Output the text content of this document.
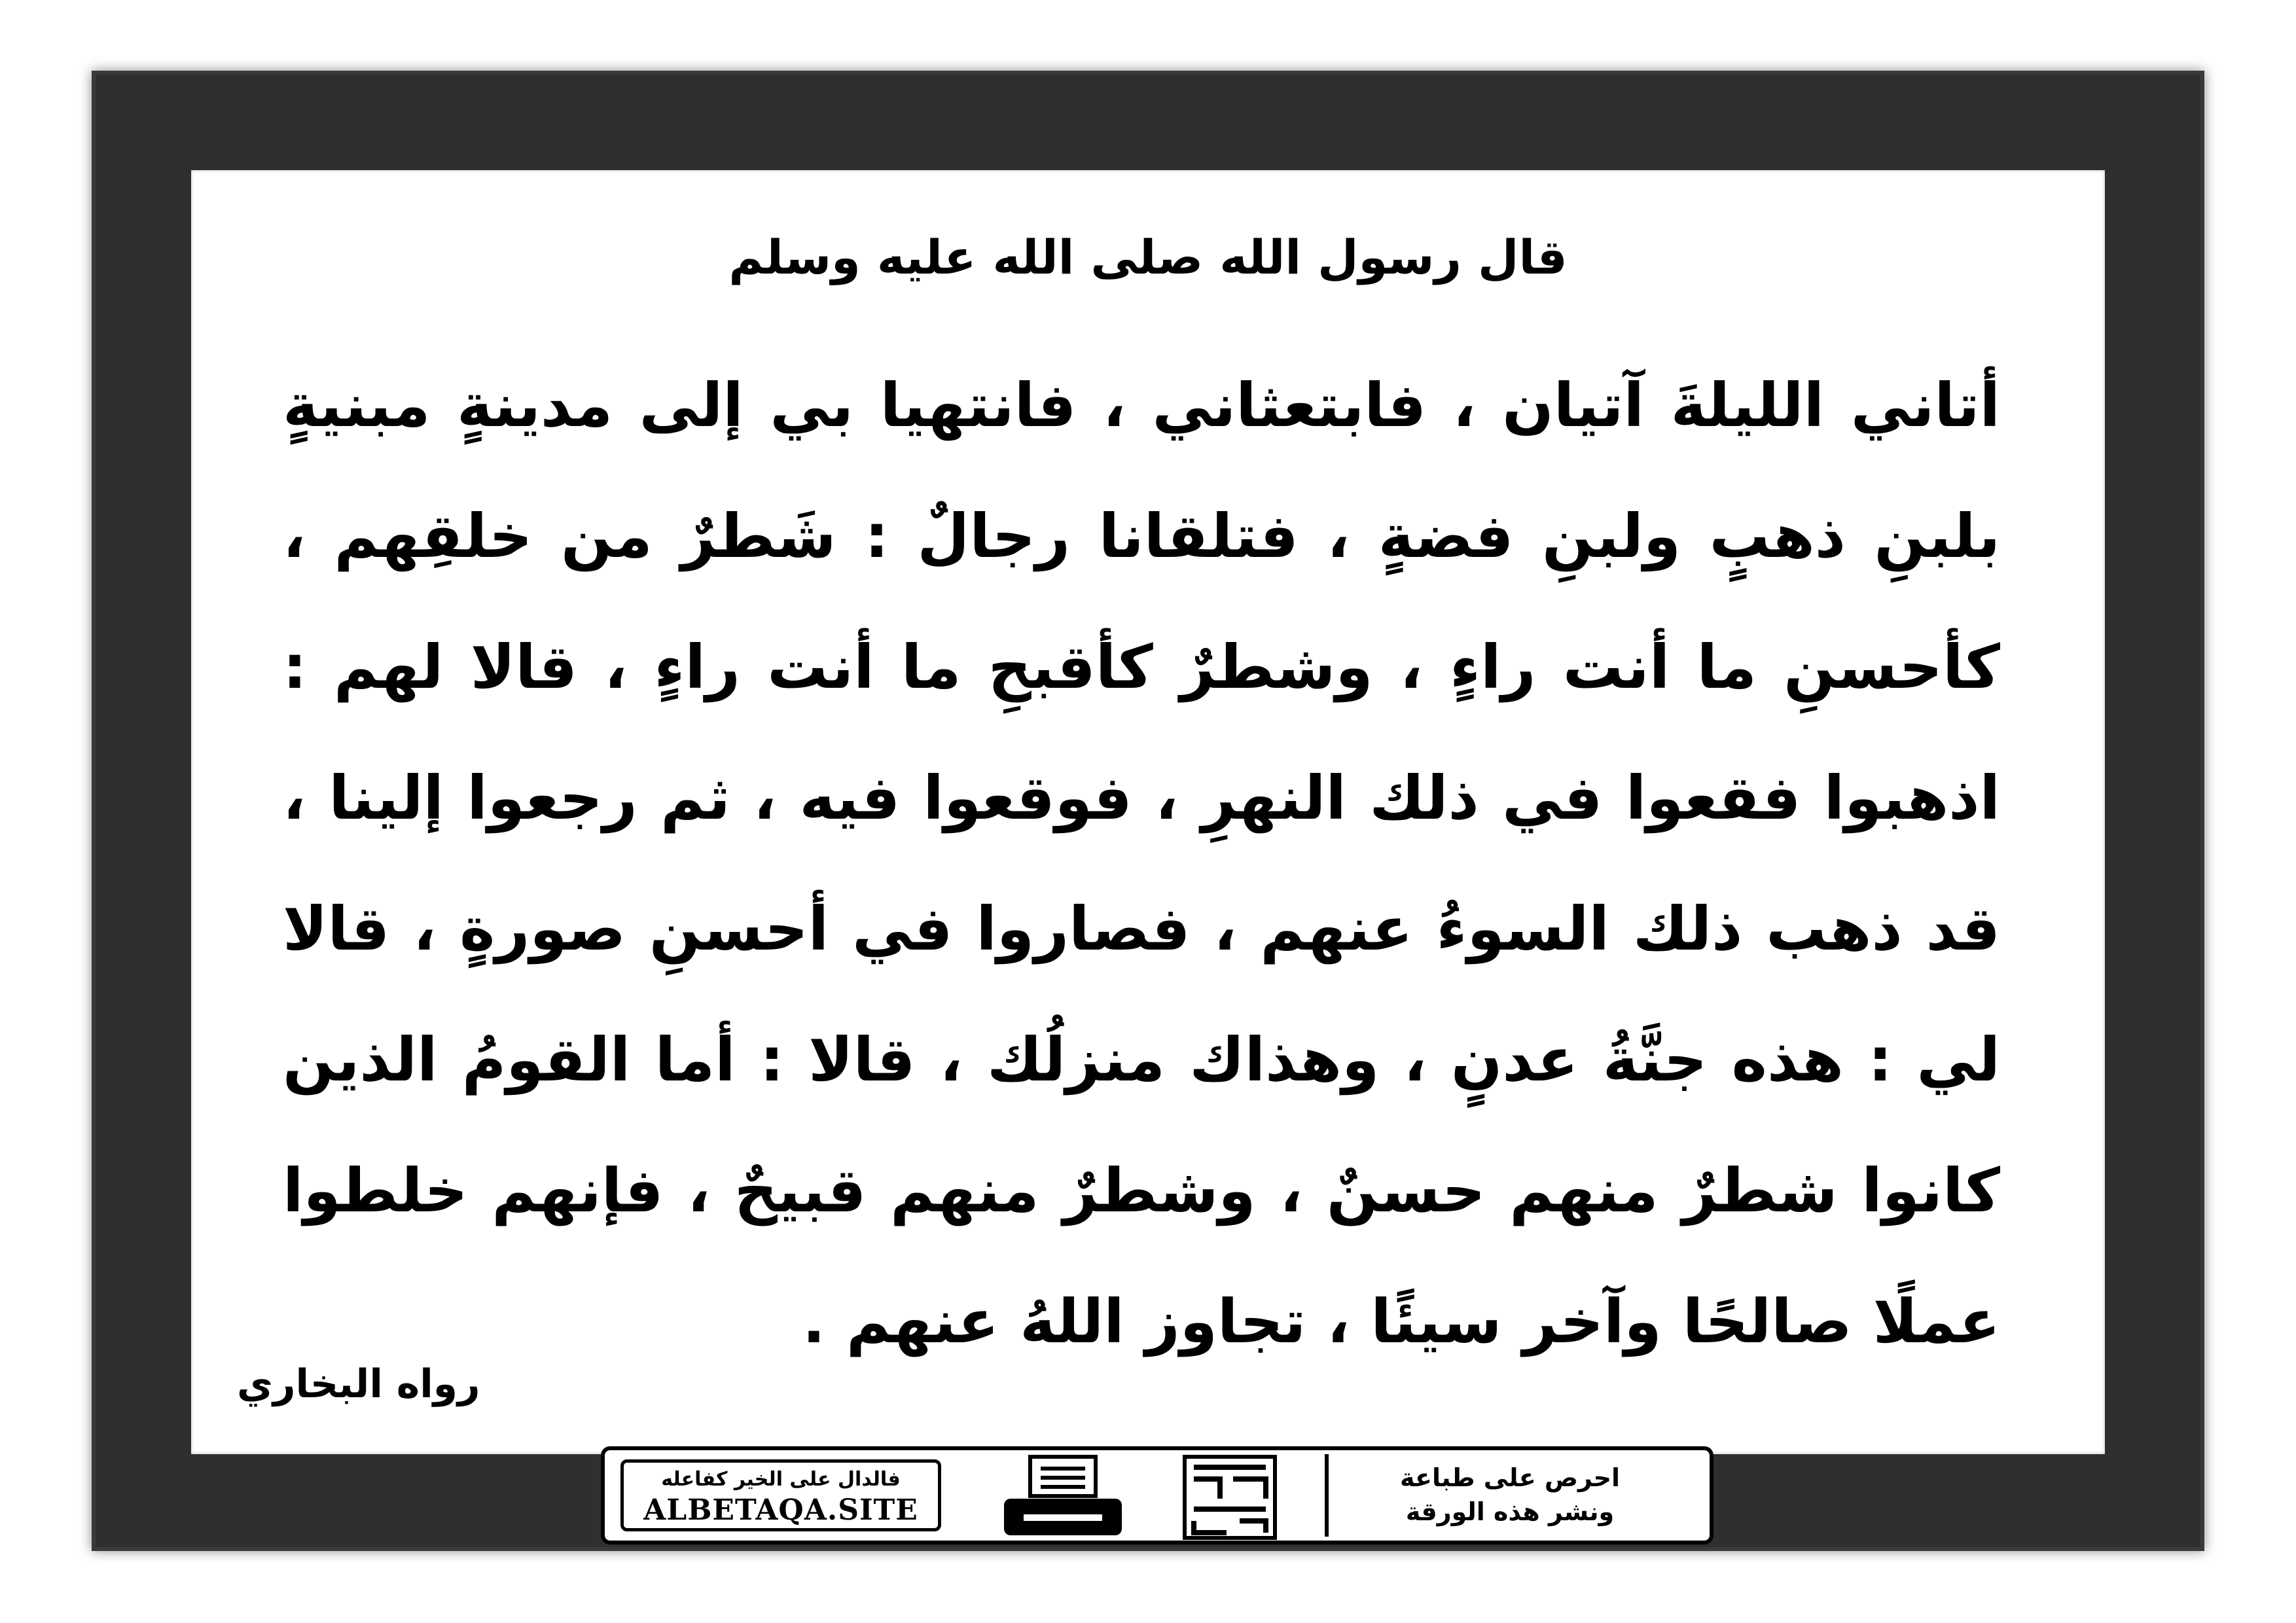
قال رسول الله صلى الله عليه وسلم

أتاني الليلةَ آتيان ، فابتعثاني ، فانتهيا بي إلى مدينةٍ مبنيةٍ بلبنِ ذهبٍ ولبنِ فضةٍ ، فتلقانا رجالٌ : شَطرٌ من خلقِهم ، كأحسنِ ما أنت راءٍ ، وشطرٌ كأقبحِ ما أنت راءٍ ، قالا لهم : اذهبوا فقعوا في ذلك النهرِ ، فوقعوا فيه ، ثم رجعوا إلينا ، قد ذهب ذلك السوءُ عنهم ، فصاروا في أحسنِ صورةٍ ، قالا لي : هذه جنَّةُ عدنٍ ، وهذاك منزلُك ، قالا : أما القومُ الذين كانوا شطرٌ منهم حسنٌ ، وشطرٌ منهم قبيحٌ ، فإنهم خلطوا عملًا صالحًا وآخر سيئًا ، تجاوز اللهُ عنهم .

رواه البخاري

فالدال على الخير كفاعله
ALBETAQA.SITE
دعوة الورقة
احرص على طباعة
ونشر هذه الورقة
